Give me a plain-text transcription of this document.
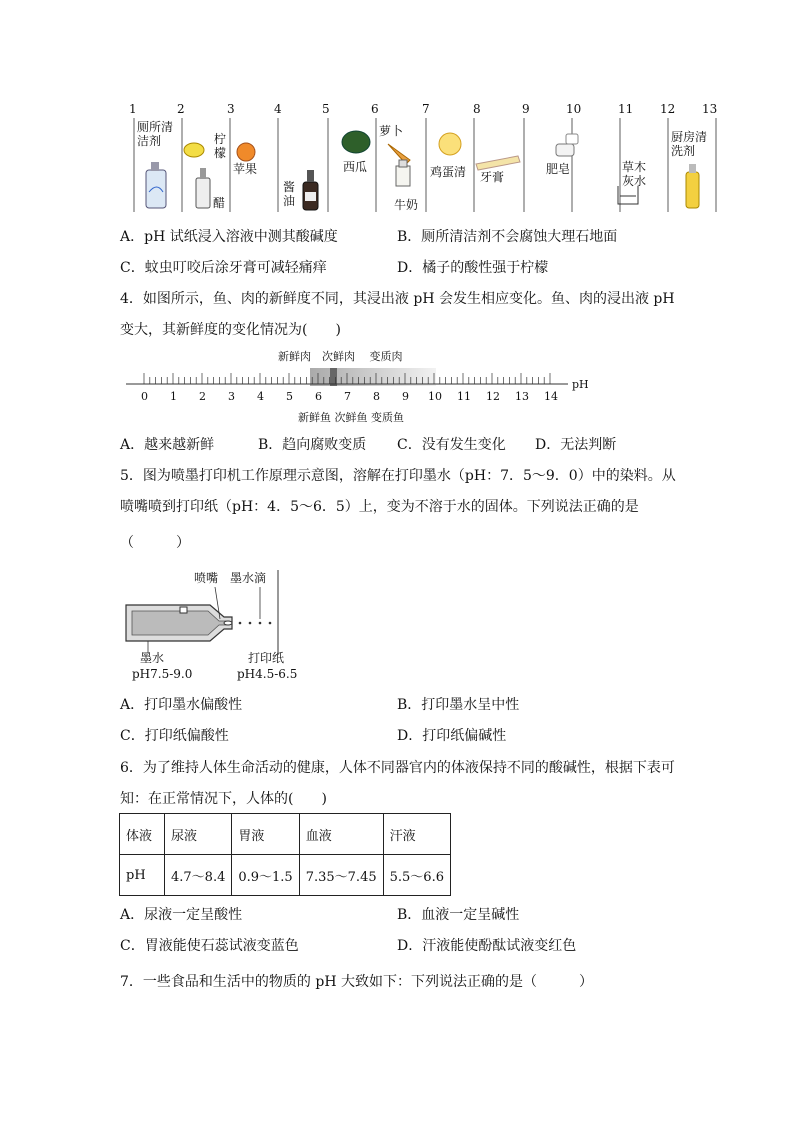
1	2	3	4	5	6	7	8	9	10	11 12 13
厕所清洁剂	柠檬
醋
苹果
酱油
西瓜
萝卜
牛奶
鸡蛋清 牙膏
肥皂	草木灰水
厨房清洗剂
A．pH 试纸浸入溶液中测其酸碱度	B．厕所清洁剂不会腐蚀大理石地面
C．蚊虫叮咬后涂牙膏可减轻痛痒	D．橘子的酸性强于柠檬
4．如图所示，鱼、肉的新鲜度不同，其浸出液 pH 会发生相应变化。鱼、肉的浸出液 pH
变大，其新鲜度的变化情况为(　　)
新鲜肉　次鲜肉　 变质肉
pH
0 1 2 3 4 5 6 7 8 9 10 11 12 13 14
新鲜鱼 次鲜鱼 变质鱼
A．越来越新鲜	B．趋向腐败变质 C．没有发生变化 D．无法判断
5．图为喷墨打印机工作原理示意图，溶解在打印墨水（pH：7．5～9．0）中的染料。从
喷嘴喷到打印纸（pH：4．5～6．5）上，变为不溶于水的固体。下列说法正确的是
（　　　）
喷嘴 墨水滴
墨水
pH7.5-9.0
打印纸
pH4.5-6.5
A．打印墨水偏酸性	B．打印墨水呈中性
C．打印纸偏酸性	D．打印纸偏碱性
6．为了维持人体生命活动的健康，人体不同器官内的体液保持不同的酸碱性，根据下表可
知：在正常情况下，人体的(　　)
体液	尿液	胃液	血液	汗液
pH	4.7～8.4	0.9～1.5	7.35～7.45	5.5～6.6
A．尿液一定呈酸性	B．血液一定呈碱性
C．胃液能使石蕊试液变蓝色	D．汗液能使酚酞试液变红色
7．一些食品和生活中的物质的 pH 大致如下：下列说法正确的是（　　　）
